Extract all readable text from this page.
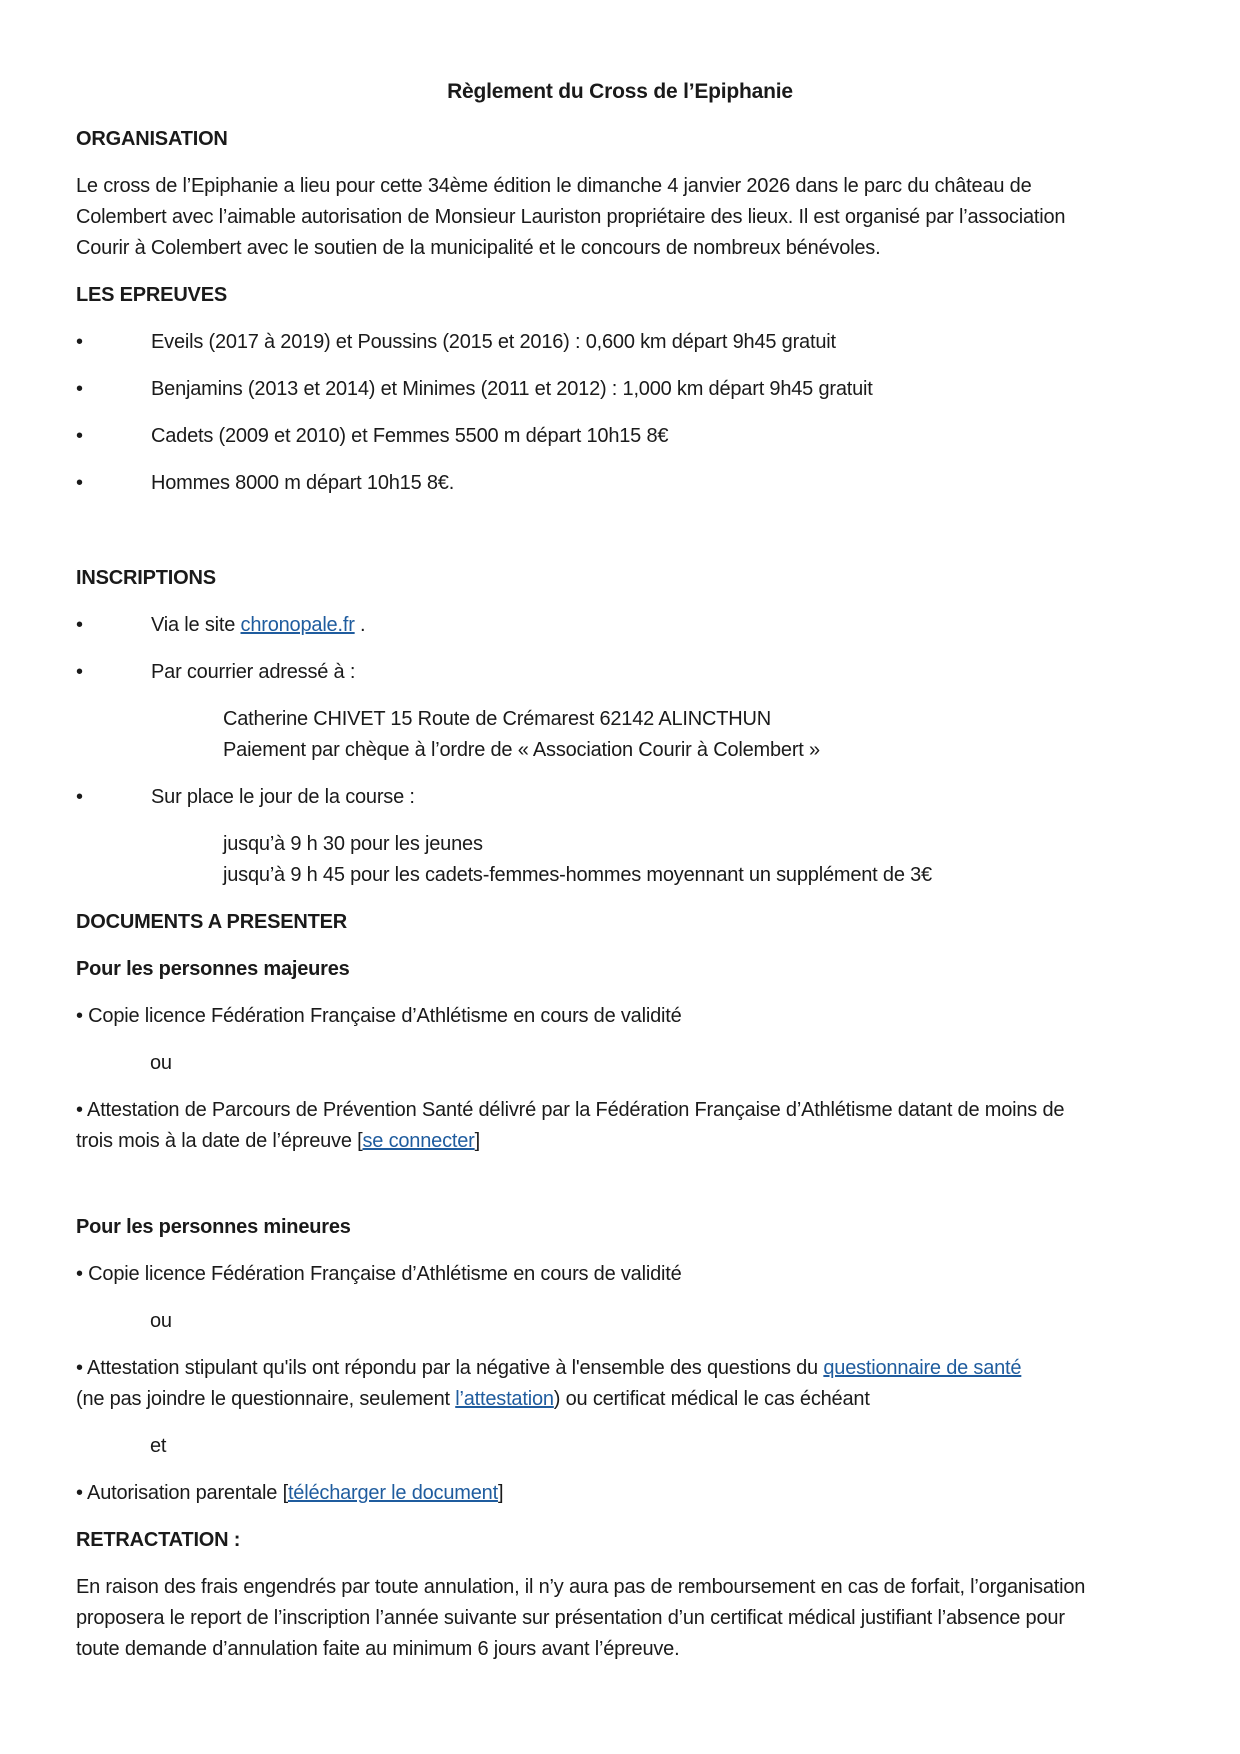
Règlement du Cross de l’Epiphanie
ORGANISATION
Le cross de l’Epiphanie a lieu pour cette 34ème édition le dimanche 4 janvier 2026 dans le parc du château de
Colembert avec l’aimable autorisation de Monsieur Lauriston propriétaire des lieux. Il est organisé par l’association
Courir à Colembert avec le soutien de la municipalité et le concours de nombreux bénévoles.
LES EPREUVES
•	Eveils (2017 à 2019) et Poussins (2015 et 2016) : 0,600 km départ 9h45 gratuit
•	Benjamins (2013 et 2014) et Minimes (2011 et 2012) : 1,000 km départ 9h45 gratuit
•	Cadets (2009 et 2010) et Femmes 5500 m départ 10h15 8€
•	Hommes 8000 m départ 10h15 8€.
INSCRIPTIONS
•	Via le site chronopale.fr .
•	Par courrier adressé à :
Catherine CHIVET 15 Route de Crémarest 62142 ALINCTHUN
Paiement par chèque à l’ordre de « Association Courir à Colembert »
•	Sur place le jour de la course :
jusqu’à 9 h 30 pour les jeunes
jusqu’à 9 h 45 pour les cadets-femmes-hommes moyennant un supplément de 3€
DOCUMENTS A PRESENTER
Pour les personnes majeures
• Copie licence Fédération Française d’Athlétisme en cours de validité
ou
• Attestation de Parcours de Prévention Santé délivré par la Fédération Française d’Athlétisme datant de moins de
trois mois à la date de l’épreuve [se connecter]
Pour les personnes mineures
• Copie licence Fédération Française d’Athlétisme en cours de validité
ou
• Attestation stipulant qu'ils ont répondu par la négative à l'ensemble des questions du questionnaire de santé
(ne pas joindre le questionnaire, seulement l’attestation) ou certificat médical le cas échéant
et
• Autorisation parentale [télécharger le document]
RETRACTATION :
En raison des frais engendrés par toute annulation, il n’y aura pas de remboursement en cas de forfait, l’organisation
proposera le report de l’inscription l’année suivante sur présentation d’un certificat médical justifiant l’absence pour
toute demande d’annulation faite au minimum 6 jours avant l’épreuve.
